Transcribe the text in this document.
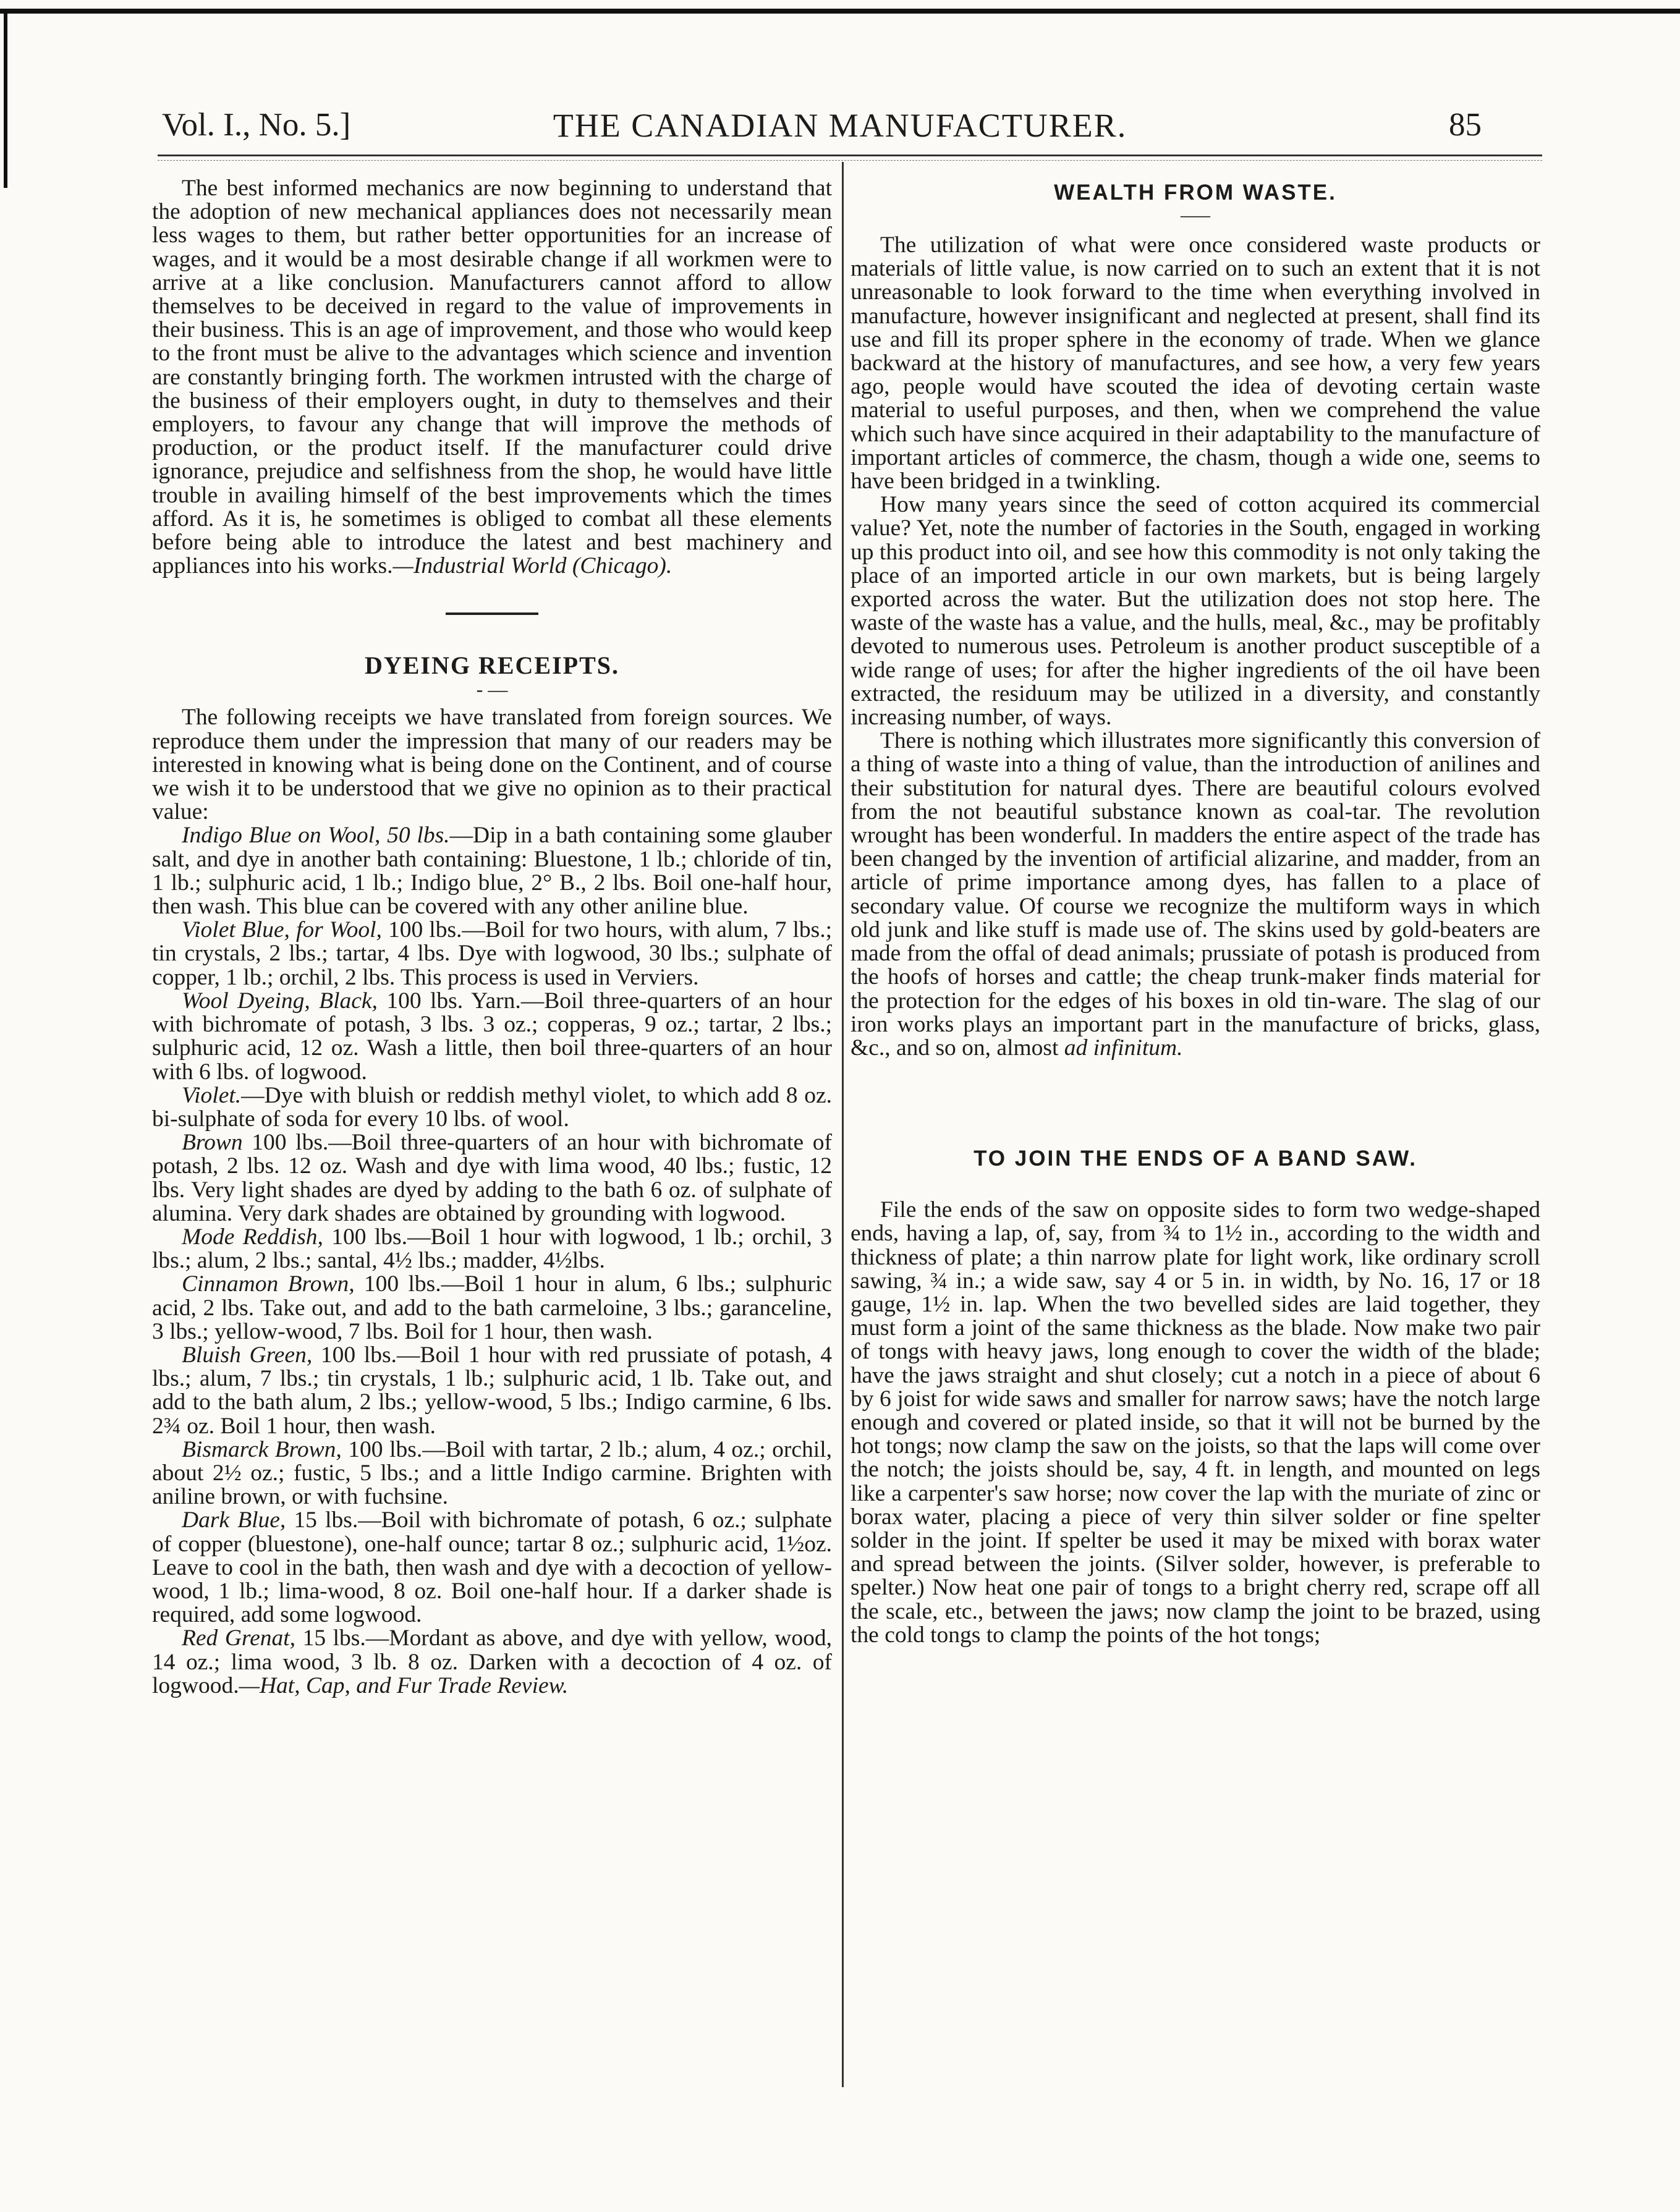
Vol. I., No. 5.]	THE CANADIAN MANUFACTURER.	85

The best informed mechanics are now beginning to understand that the adoption of new mechanical appliances does not necessarily mean less wages to them, but rather better opportunities for an increase of wages, and it would be a most desirable change if all workmen were to arrive at a like conclusion. Manufacturers cannot afford to allow themselves to be deceived in regard to the value of improvements in their business. This is an age of improvement, and those who would keep to the front must be alive to the advantages which science and invention are constantly bringing forth. The workmen intrusted with the charge of the business of their employers ought, in duty to themselves and their employers, to favour any change that will improve the methods of production, or the product itself. If the manufacturer could drive ignorance, prejudice and selfishness from the shop, he would have little trouble in availing himself of the best improvements which the times afford. As it is, he sometimes is obliged to combat all these elements before being able to introduce the latest and best machinery and appliances into his works.—Industrial World (Chicago).

DYEING RECEIPTS.
- ––

The following receipts we have translated from foreign sources. We reproduce them under the impression that many of our readers may be interested in knowing what is being done on the Continent, and of course we wish it to be understood that we give no opinion as to their practical value:

Indigo Blue on Wool, 50 lbs.—Dip in a bath containing some glauber salt, and dye in another bath containing: Bluestone, 1 lb.; chloride of tin, 1 lb.; sulphuric acid, 1 lb.; Indigo blue, 2° B., 2 lbs. Boil one-half hour, then wash. This blue can be covered with any other aniline blue.

Violet Blue, for Wool, 100 lbs.—Boil for two hours, with alum, 7 lbs.; tin crystals, 2 lbs.; tartar, 4 lbs. Dye with logwood, 30 lbs.; sulphate of copper, 1 lb.; orchil, 2 lbs. This process is used in Verviers.

Wool Dyeing, Black, 100 lbs. Yarn.—Boil three-quarters of an hour with bichromate of potash, 3 lbs. 3 oz.; copperas, 9 oz.; tartar, 2 lbs.; sulphuric acid, 12 oz. Wash a little, then boil three-quarters of an hour with 6 lbs. of logwood.

Violet.—Dye with bluish or reddish methyl violet, to which add 8 oz. bi-sulphate of soda for every 10 lbs. of wool.

Brown 100 lbs.—Boil three-quarters of an hour with bichromate of potash, 2 lbs. 12 oz. Wash and dye with lima wood, 40 lbs.; fustic, 12 lbs. Very light shades are dyed by adding to the bath 6 oz. of sulphate of alumina. Very dark shades are obtained by grounding with logwood.

Mode Reddish, 100 lbs.—Boil 1 hour with logwood, 1 lb.; orchil, 3 lbs.; alum, 2 lbs.; santal, 4½ lbs.; madder, 4½lbs.

Cinnamon Brown, 100 lbs.—Boil 1 hour in alum, 6 lbs.; sulphuric acid, 2 lbs. Take out, and add to the bath carmeloine, 3 lbs.; garanceline, 3 lbs.; yellow-wood, 7 lbs. Boil for 1 hour, then wash.

Bluish Green, 100 lbs.—Boil 1 hour with red prussiate of potash, 4 lbs.; alum, 7 lbs.; tin crystals, 1 lb.; sulphuric acid, 1 lb. Take out, and add to the bath alum, 2 lbs.; yellow-wood, 5 lbs.; Indigo carmine, 6 lbs. 2¾ oz. Boil 1 hour, then wash.

Bismarck Brown, 100 lbs.—Boil with tartar, 2 lb.; alum, 4 oz.; orchil, about 2½ oz.; fustic, 5 lbs.; and a little Indigo carmine. Brighten with aniline brown, or with fuchsine.

Dark Blue, 15 lbs.—Boil with bichromate of potash, 6 oz.; sulphate of copper (bluestone), one-half ounce; tartar 8 oz.; sulphuric acid, 1½oz. Leave to cool in the bath, then wash and dye with a decoction of yellow-wood, 1 lb.; lima-wood, 8 oz. Boil one-half hour. If a darker shade is required, add some logwood.

Red Grenat, 15 lbs.—Mordant as above, and dye with yellow, wood, 14 oz.; lima wood, 3 lb. 8 oz. Darken with a decoction of 4 oz. of logwood.—Hat, Cap, and Fur Trade Review.

WEALTH FROM WASTE.
–––

The utilization of what were once considered waste products or materials of little value, is now carried on to such an extent that it is not unreasonable to look forward to the time when everything involved in manufacture, however insignificant and neglected at present, shall find its use and fill its proper sphere in the economy of trade. When we glance backward at the history of manufactures, and see how, a very few years ago, people would have scouted the idea of devoting certain waste material to useful purposes, and then, when we comprehend the value which such have since acquired in their adaptability to the manufacture of important articles of commerce, the chasm, though a wide one, seems to have been bridged in a twinkling.

How many years since the seed of cotton acquired its commercial value? Yet, note the number of factories in the South, engaged in working up this product into oil, and see how this commodity is not only taking the place of an imported article in our own markets, but is being largely exported across the water. But the utilization does not stop here. The waste of the waste has a value, and the hulls, meal, &c., may be profitably devoted to numerous uses. Petroleum is another product susceptible of a wide range of uses; for after the higher ingredients of the oil have been extracted, the residuum may be utilized in a diversity, and constantly increasing number, of ways.

There is nothing which illustrates more significantly this conversion of a thing of waste into a thing of value, than the introduction of anilines and their substitution for natural dyes. There are beautiful colours evolved from the not beautiful substance known as coal-tar. The revolution wrought has been wonderful. In madders the entire aspect of the trade has been changed by the invention of artificial alizarine, and madder, from an article of prime importance among dyes, has fallen to a place of secondary value. Of course we recognize the multiform ways in which old junk and like stuff is made use of. The skins used by gold-beaters are made from the offal of dead animals; prussiate of potash is produced from the hoofs of horses and cattle; the cheap trunk-maker finds material for the protection for the edges of his boxes in old tin-ware. The slag of our iron works plays an important part in the manufacture of bricks, glass, &c., and so on, almost ad infinitum.

TO JOIN THE ENDS OF A BAND SAW.

File the ends of the saw on opposite sides to form two wedge-shaped ends, having a lap, of, say, from ¾ to 1½ in., according to the width and thickness of plate; a thin narrow plate for light work, like ordinary scroll sawing, ¾ in.; a wide saw, say 4 or 5 in. in width, by No. 16, 17 or 18 gauge, 1½ in. lap. When the two bevelled sides are laid together, they must form a joint of the same thickness as the blade. Now make two pair of tongs with heavy jaws, long enough to cover the width of the blade; have the jaws straight and shut closely; cut a notch in a piece of about 6 by 6 joist for wide saws and smaller for narrow saws; have the notch large enough and covered or plated inside, so that it will not be burned by the hot tongs; now clamp the saw on the joists, so that the laps will come over the notch; the joists should be, say, 4 ft. in length, and mounted on legs like a carpenter's saw horse; now cover the lap with the muriate of zinc or borax water, placing a piece of very thin silver solder or fine spelter solder in the joint. If spelter be used it may be mixed with borax water and spread between the joints. (Silver solder, however, is preferable to spelter.) Now heat one pair of tongs to a bright cherry red, scrape off all the scale, etc., between the jaws; now clamp the joint to be brazed, using the cold tongs to clamp the points of the hot tongs;
